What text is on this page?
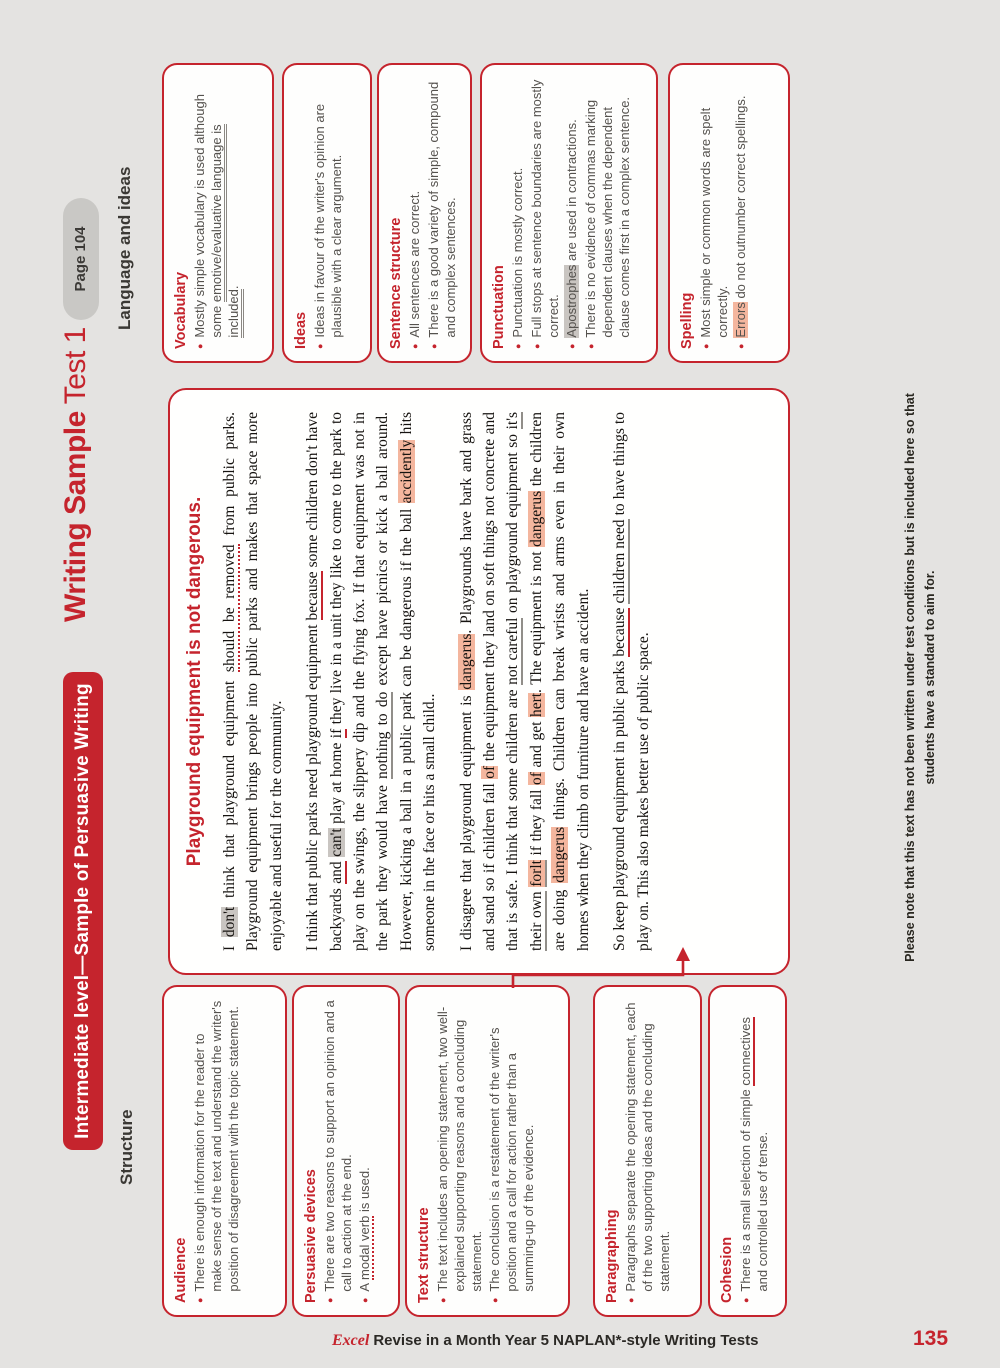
Intermediate level—Sample of Persuasive Writing
Writing SampleTest 1
Page 104
Structure
Language and ideas
Audience ●
There is enough information for the reader to make sense of the text and understand the writer's position of disagreement with the topic statement.	Persuasive devices ●
There are two reasons to support an opinion and a call to action at the end.
●
A modal verb is used.
Text structure ●
The text includes an opening statement, two well-explained supporting reasons and a concluding statement.
●
The conclusion is a restatement of the writer's position and a call for action rather than a summing-up of the evidence.	Paragraphing ●
Paragraphs separate the opening statement, each of the two supporting ideas and the concluding statement.	Cohesion ●
There is a small selection of simple connectives and controlled use of tense.
Playground equipment is not dangerous.

I don't think that playground equipment should be removed from public parks. Playground equipment brings people into public parks and makes that space more enjoyable and useful for the community. I think that public parks need playground equipment because some children don't have backyards and can't play at home if they live in a unit they like to come to the park to play on the swings, the slippery dip and the flying fox. If that equipment was not in the park they would have nothing to do except have picnics or kick a ball around. However, kicking a ball in a public park can be dangerous if the ball accidently hits someone in the face or hits a small child.. I disagree that playground equipment is dangerus. Playgrounds have bark and grass and sand so if children fall of the equipment they land on soft things not concrete and that is safe. I think that some children are not careful on playground equipment so it's their own forlt if they fall of and get hert. The equipment is not dangerus the children are doing dangerus things. Children can break wrists and arms even in their own homes when they climb on furniture and have an accident. So keep playground equipment in public parks because children need to have things to play on. This also makes better use of public space.

Vocabulary ●
Mostly simple vocabulary is used although some emotive/evaluative language is included.
Ideas ●
Ideas in favour of the writer's opinion are plausible with a clear argument.	Sentence structure ●
All sentences are correct.
●
There is a good variety of simple, compound and complex sentences. Punctuation ●
Punctuation is mostly correct.
●
Full stops at sentence boundaries are mostly correct.
●
Apostrophes are used in contractions.
●
There is no evidence of commas marking dependent clauses when the dependent clause comes first in a complex sentence.	Spelling ●
Most simple or common words are spelt correctly.
●
Errors do not outnumber correct spellings.
Please note that this text has not been written under test conditions but is included here so that students have a standard to aim for.
Excel Revise in a Month Year 5 NAPLAN*-style Writing Tests	135
